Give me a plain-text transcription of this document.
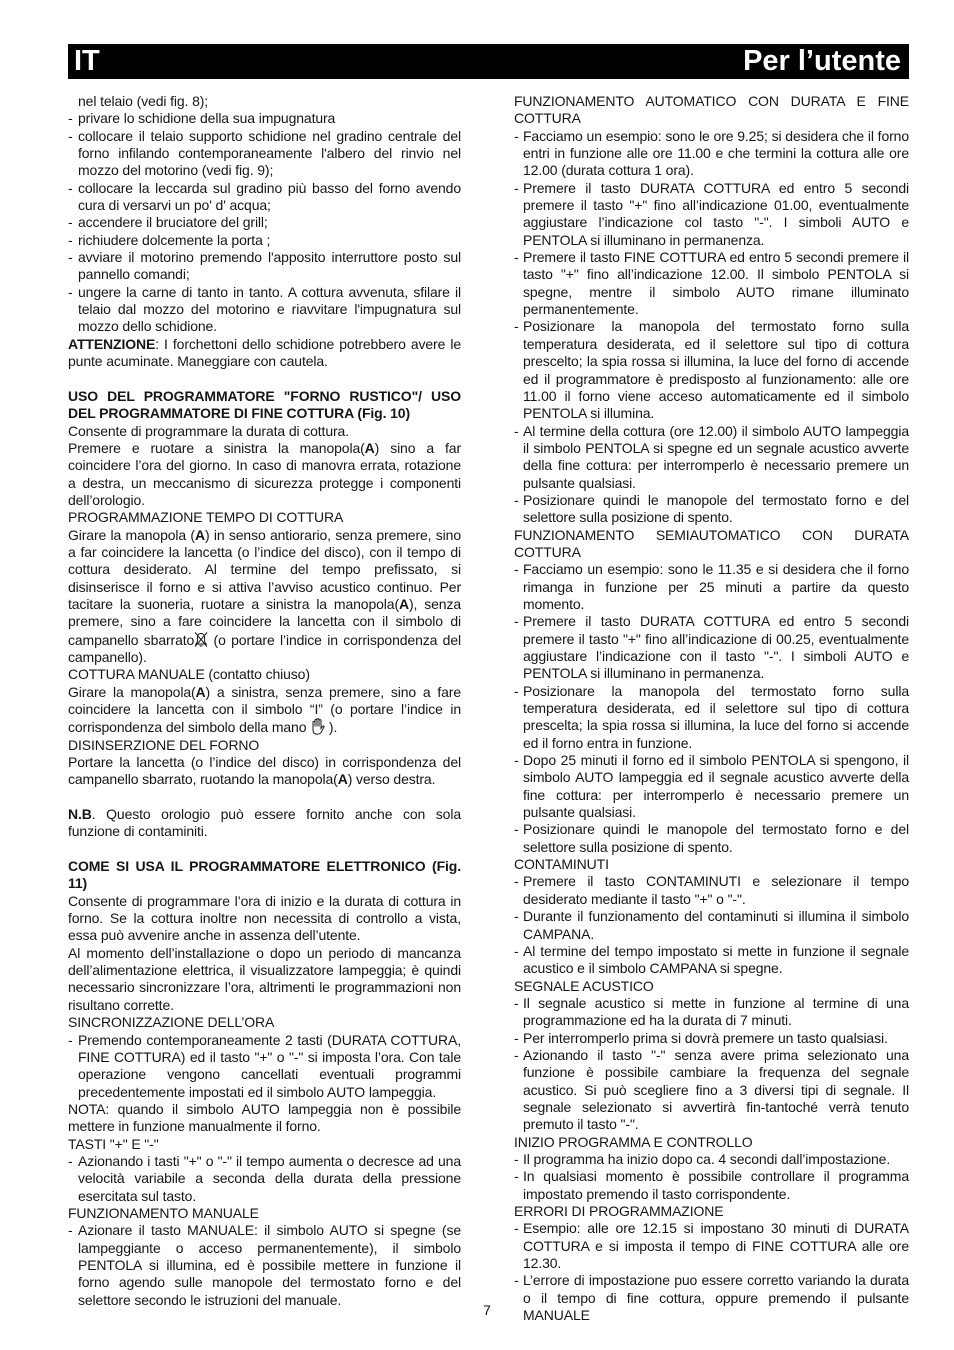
IT	Per l’utente
nel telaio (vedi fig. 8);
- privare lo schidione della sua impugnatura
- collocare il telaio supporto schidione nel gradino centrale del forno infilando contemporaneamente l'albero del rinvio nel mozzo del motorino (vedi fig. 9);
- collocare la leccarda sul gradino più basso del forno avendo cura di versarvi un po' d' acqua;
- accendere il bruciatore del grill;
- richiudere dolcemente la porta ;
- avviare il motorino premendo l'apposito interruttore posto sul pannello comandi;
- ungere la carne di tanto in tanto. A cottura avvenuta, sfilare il telaio dal mozzo del motorino e riavvitare l'impugnatura sul mozzo dello schidione.
ATTENZIONE: I forchettoni dello schidione potrebbero avere le punte acuminate. Maneggiare con cautela.
USO DEL PROGRAMMATORE "FORNO RUSTICO"/ USO DEL PROGRAMMATORE DI FINE COTTURA (Fig. 10)
Consente di programmare la durata di cottura.
Premere e ruotare a sinistra la manopola(A) sino a far coincidere l’ora del giorno. In caso di manovra errata, rotazione a destra, un meccanismo di sicurezza protegge i componenti dell’orologio.
PROGRAMMAZIONE TEMPO DI COTTURA
Girare la manopola (A) in senso antiorario, senza premere, sino a far coincidere la lancetta (o l’indice del disco), con il tempo di cottura desiderato. Al termine del tempo prefissato, si disinserisce il forno e si attiva l’avviso acustico continuo. Per tacitare la suoneria, ruotare a sinistra la manopola(A), senza premere, sino a fare coincidere la lancetta con il simbolo di campanello sbarrato (o portare l’indice in corrispondenza del campanello).
COTTURA MANUALE (contatto chiuso)
Girare la manopola(A) a sinistra, senza premere, sino a fare coincidere la lancetta con il simbolo “I” (o portare l’indice in corrispondenza del simbolo della mano  ).
DISINSERZIONE DEL FORNO
Portare la lancetta (o l’indice del disco) in corrispondenza del campanello sbarrato, ruotando la manopola(A) verso destra.
N.B. Questo orologio può essere fornito anche con sola funzione di contaminiti.
COME SI USA IL PROGRAMMATORE ELETTRONICO (Fig. 11)
Consente di programmare l’ora di inizio e la durata di cottura in forno. Se la cottura inoltre non necessita di controllo a vista, essa può avvenire anche in assenza dell’utente.
Al momento dell’installazione o dopo un periodo di mancanza dell’alimentazione elettrica, il visualizzatore lampeggia; è quindi necessario sincronizzare l’ora, altrimenti le programmazioni non risultano corrette.
SINCRONIZZAZIONE DELL’ORA
- Premendo contemporaneamente 2 tasti (DURATA COTTURA, FINE COTTURA) ed il tasto "+" o "-" si imposta l’ora. Con tale operazione vengono cancellati eventuali programmi precedentemente impostati ed il simbolo AUTO lampeggia.
NOTA: quando il simbolo AUTO lampeggia non è possibile mettere in funzione manualmente il forno.
TASTI "+" E "-"
- Azionando i tasti "+" o "-" il tempo aumenta o decresce ad una velocità variabile a seconda della durata della pressione esercitata sul tasto.
FUNZIONAMENTO MANUALE
- Azionare il tasto MANUALE: il simbolo AUTO si spegne (se lampeggiante o acceso permanentemente), il simbolo PENTOLA si illumina, ed è possibile mettere in funzione il forno agendo sulle manopole del termostato forno e del selettore secondo le istruzioni del manuale.
FUNZIONAMENTO AUTOMATICO CON DURATA E FINE COTTURA
- Facciamo un esempio: sono le ore 9.25; si desidera che il forno entri in funzione alle ore 11.00 e che termini la cottura alle ore 12.00 (durata cottura 1 ora).
- Premere il tasto DURATA COTTURA ed entro 5 secondi premere il tasto "+" fino all’indicazione 01.00, eventualmente aggiustare l’indicazione col tasto "-". I simboli AUTO e PENTOLA si illuminano in permanenza.
- Premere il tasto FINE COTTURA ed entro 5 secondi premere il tasto "+" fino all’indicazione 12.00. Il simbolo PENTOLA si spegne, mentre il simbolo AUTO rimane illuminato permanentemente.
- Posizionare la manopola del termostato forno sulla temperatura desiderata, ed il selettore sul tipo di cottura prescelto; la spia rossa si illumina, la luce del forno di accende ed il programmatore è predisposto al funzionamento: alle ore 11.00 il forno viene acceso automaticamente ed il simbolo PENTOLA si illumina.
- Al termine della cottura (ore 12.00) il simbolo AUTO lampeggia il simbolo PENTOLA si spegne ed un segnale acustico avverte della fine cottura: per interromperlo è necessario premere un pulsante qualsiasi.
- Posizionare quindi le manopole del termostato forno e del selettore sulla posizione di spento.
FUNZIONAMENTO SEMIAUTOMATICO CON DURATA COTTURA
- Facciamo un esempio: sono le 11.35 e si desidera che il forno rimanga in funzione per 25 minuti a partire da questo momento.
- Premere il tasto DURATA COTTURA ed entro 5 secondi premere il tasto "+" fino all’indicazione di 00.25, eventualmente aggiustare l’indicazione con il tasto "-". I simboli AUTO e PENTOLA si illuminano in permanenza.
- Posizionare la manopola del termostato forno sulla temperatura desiderata, ed il selettore sul tipo di cottura prescelta; la spia rossa si illumina, la luce del forno si accende ed il forno entra in funzione.
- Dopo 25 minuti il forno ed il simbolo PENTOLA si spengono, il simbolo AUTO lampeggia ed il segnale acustico avverte della fine cottura: per interromperlo è necessario premere un pulsante qualsiasi.
- Posizionare quindi le manopole del termostato forno e del selettore sulla posizione di spento.
CONTAMINUTI
- Premere il tasto CONTAMINUTI e selezionare il tempo desiderato mediante il tasto "+" o "-".
- Durante il funzionamento del contaminuti si illumina il simbolo CAMPANA.
- Al termine del tempo impostato si mette in funzione il segnale acustico e il simbolo CAMPANA si spegne.
SEGNALE ACUSTICO
- Il segnale acustico si mette in funzione al termine di una programmazione ed ha la durata di 7 minuti.
- Per interromperlo prima si dovrà premere un tasto qualsiasi.
- Azionando il tasto "-" senza avere prima selezionato una funzione è possibile cambiare la frequenza del segnale acustico. Si può scegliere fino a 3 diversi tipi di segnale. Il segnale selezionato si avvertirà fin-tantoché verrà tenuto premuto il tasto "-".
INIZIO PROGRAMMA E CONTROLLO
- Il programma ha inizio dopo ca. 4 secondi dall’impostazione.
- In qualsiasi momento è possibile controllare il programma impostato premendo il tasto corrispondente.
ERRORI DI PROGRAMMAZIONE
- Esempio: alle ore 12.15 si impostano 30 minuti di DURATA COTTURA e si imposta il tempo di FINE COTTURA alle ore 12.30.
- L’errore di impostazione puo essere corretto variando la durata o il tempo di fine cottura, oppure premendo il pulsante MANUALE
7
